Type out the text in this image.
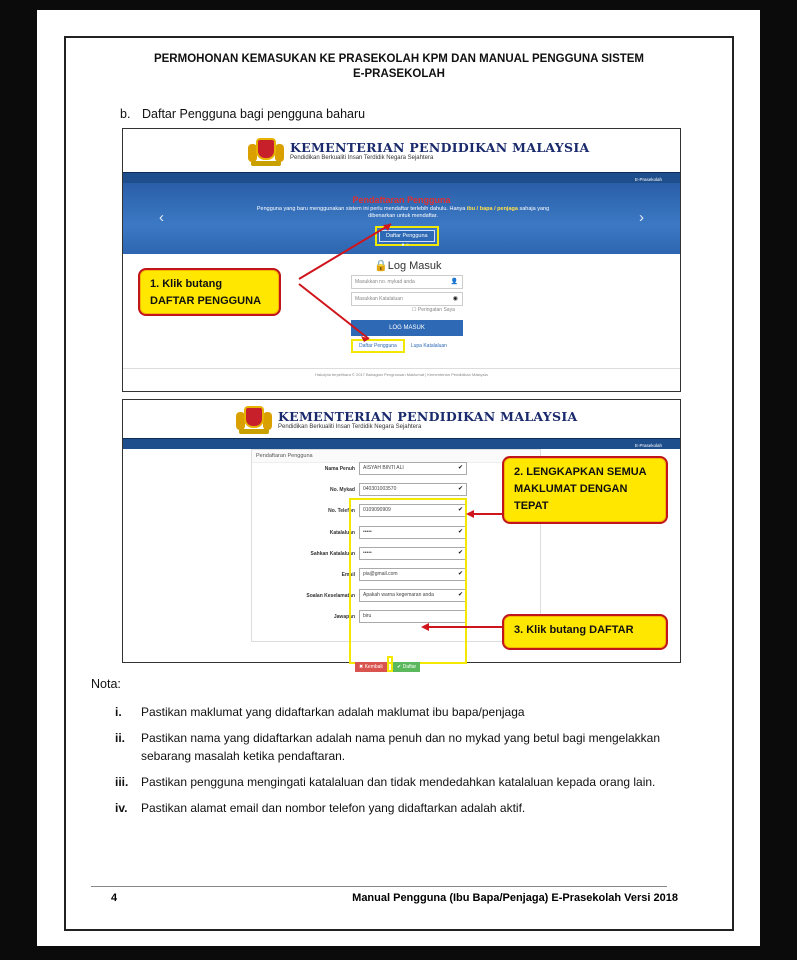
PERMOHONAN KEMASUKAN KE PRASEKOLAH KPM DAN MANUAL PENGGUNA SISTEM
E-PRASEKOLAH
b. Daftar Pengguna bagi pengguna baharu
KEMENTERIAN PENDIDIKAN MALAYSIA
Pendidikan Berkualiti Insan Terdidik Negara Sejahtera
E-Prasekolah
‹	›
Pendaftaran Pengguna
Pengguna yang baru menggunakan sistem ini perlu mendaftar terlebih dahulu. Hanya ibu / bapa / penjaga sahaja yang dibenarkan untuk mendaftar.
Daftar Pengguna
● ○
🔒Log Masuk
Masukkan no. mykad anda	👤
Masukkan Katalaluan	◉
☐ Peringatan Saya
LOG MASUK
Daftar Pengguna	Lupa Katalaluan
Hakcipta terpelihara © 2017 Bahagian Pengurusan Maklumat | Kementerian Pendidikan Malaysia
1. Klik butang DAFTAR PENGGUNA
KEMENTERIAN PENDIDIKAN MALAYSIA
Pendidikan Berkualiti Insan Terdidik Negara Sejahtera
E-Prasekolah
Pendaftaran Pengguna
Nama Penuh	AISYAH BINTI ALI	✔
No. Mykad	040301003570	✔
No. Telefon	0109090909	✔
Katalaluan	•••••	✔
Sahkan Katalaluan	•••••	✔
Email	pia@gmail.com	✔
Soalan Keselamatan	Apakah warna kegemaran anda	✔
Jawapan	biru
✖ Kembali	✔ Daftar
2. LENGKAPKAN SEMUA MAKLUMAT DENGAN TEPAT
3. Klik butang DAFTAR
Nota:
i. Pastikan maklumat yang didaftarkan adalah maklumat ibu bapa/penjaga
ii. Pastikan nama yang didaftarkan adalah nama penuh dan no mykad yang betul bagi mengelakkan sebarang masalah ketika pendaftaran.
iii. Pastikan pengguna mengingati katalaluan dan tidak mendedahkan katalaluan kepada orang lain.
iv. Pastikan alamat email dan nombor telefon yang didaftarkan adalah aktif.
4	Manual Pengguna (Ibu Bapa/Penjaga) E-Prasekolah Versi 2018
